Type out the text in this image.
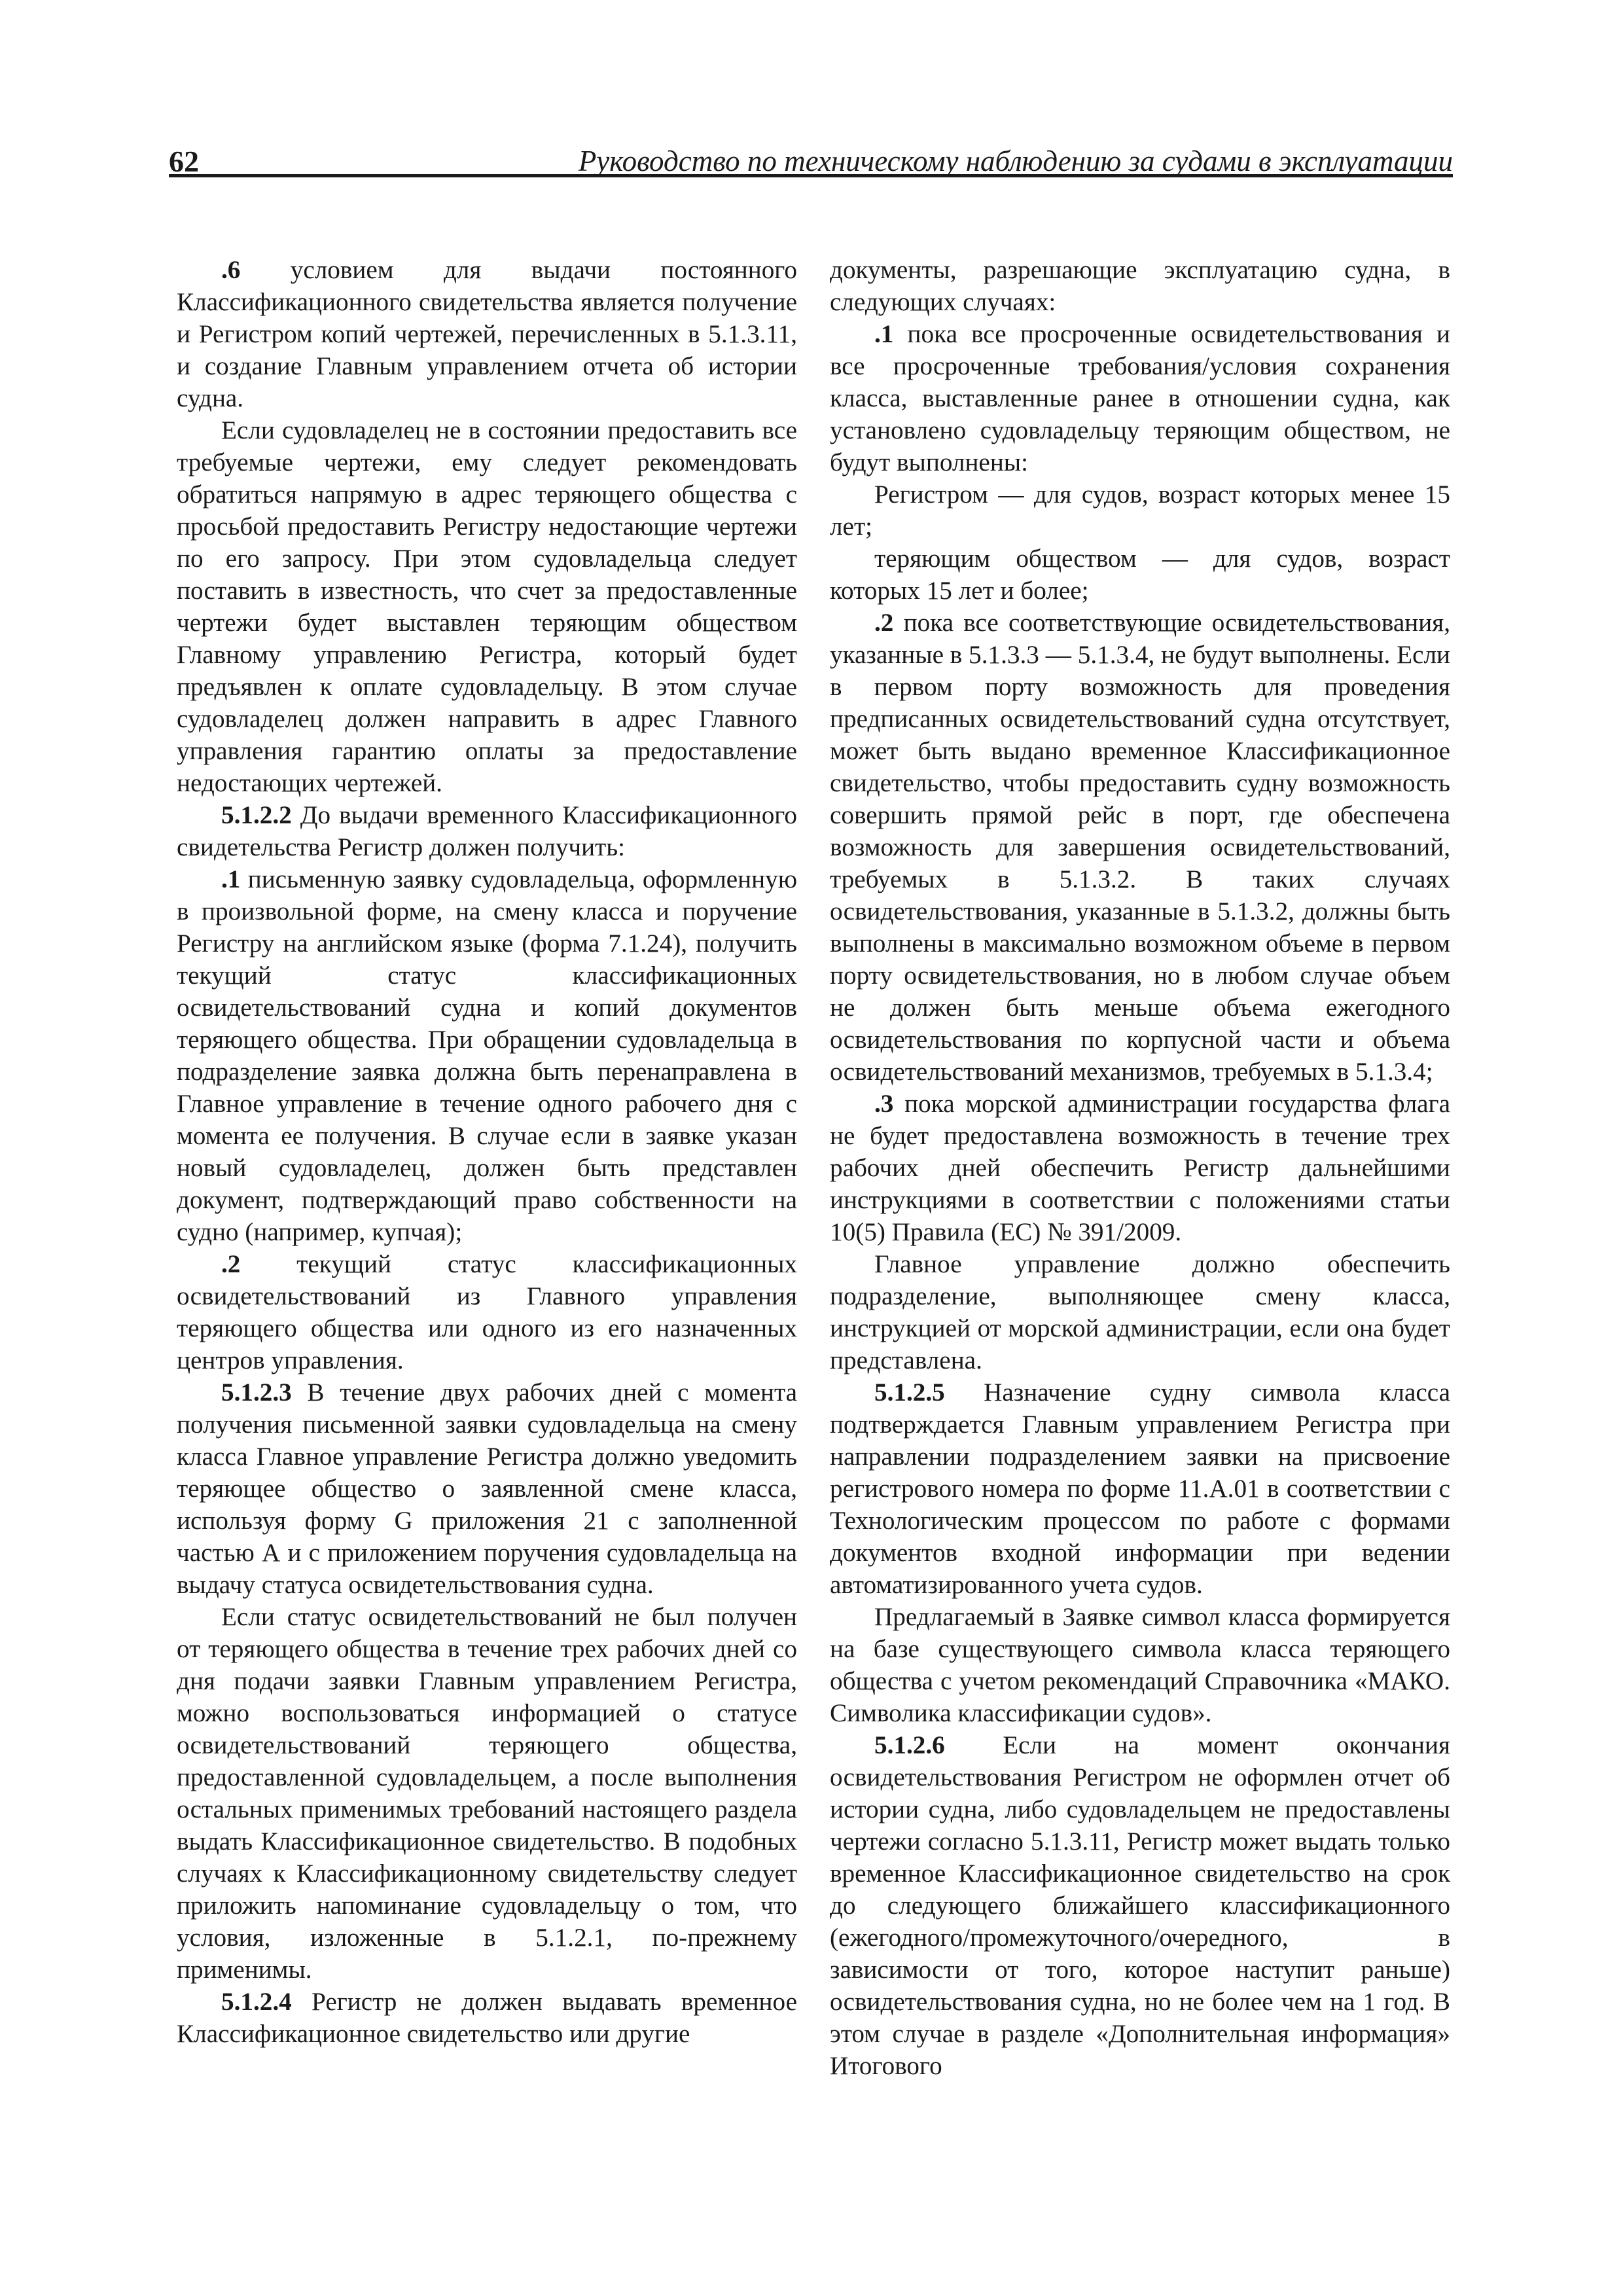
62	Руководство по техническому наблюдению за судами в эксплуатации

.6 условием для выдачи постоянного Классификационного свидетельства является получение и Регистром копий чертежей, перечисленных в 5.1.3.11, и создание Главным управлением отчета об истории судна.

Если судовладелец не в состоянии предоставить все требуемые чертежи, ему следует рекомендовать обратиться напрямую в адрес теряющего общества с просьбой предоставить Регистру недостающие чертежи по его запросу. При этом судовладельца следует поставить в известность, что счет за предоставленные чертежи будет выставлен теряющим обществом Главному управлению Регистра, который будет предъявлен к оплате судовладельцу. В этом случае судовладелец должен направить в адрес Главного управления гарантию оплаты за предоставление недостающих чертежей.

5.1.2.2 До выдачи временного Классификационного свидетельства Регистр должен получить:

.1 письменную заявку судовладельца, оформленную в произвольной форме, на смену класса и поручение Регистру на английском языке (форма 7.1.24), получить текущий статус классификационных освидетельствований судна и копий документов теряющего общества. При обращении судовладельца в подразделение заявка должна быть перенаправлена в Главное управление в течение одного рабочего дня с момента ее получения. В случае если в заявке указан новый судовладелец, должен быть представлен документ, подтверждающий право собственности на судно (например, купчая);

.2 текущий статус классификационных освидетельствований из Главного управления теряющего общества или одного из его назначенных центров управления.

5.1.2.3 В течение двух рабочих дней с момента получения письменной заявки судовладельца на смену класса Главное управление Регистра должно уведомить теряющее общество о заявленной смене класса, используя форму G приложения 21 с заполненной частью А и с приложением поручения судовладельца на выдачу статуса освидетельствования судна.

Если статус освидетельствований не был получен от теряющего общества в течение трех рабочих дней со дня подачи заявки Главным управлением Регистра, можно воспользоваться информацией о статусе освидетельствований теряющего общества, предоставленной судовладельцем, а после выполнения остальных применимых требований настоящего раздела выдать Классификационное свидетельство. В подобных случаях к Классификационному свидетельству следует приложить напоминание судовладельцу о том, что условия, изложенные в 5.1.2.1, по-прежнему применимы.

5.1.2.4 Регистр не должен выдавать временное Классификационное свидетельство или другие

документы, разрешающие эксплуатацию судна, в следующих случаях:

.1 пока все просроченные освидетельствования и все просроченные требования/условия сохранения класса, выставленные ранее в отношении судна, как установлено судовладельцу теряющим обществом, не будут выполнены:

Регистром — для судов, возраст которых менее 15 лет;

теряющим обществом — для судов, возраст которых 15 лет и более;

.2 пока все соответствующие освидетельствования, указанные в 5.1.3.3 — 5.1.3.4, не будут выполнены. Если в первом порту возможность для проведения предписанных освидетельствований судна отсутствует, может быть выдано временное Классификационное свидетельство, чтобы предоставить судну возможность совершить прямой рейс в порт, где обеспечена возможность для завершения освидетельствований, требуемых в 5.1.3.2. В таких случаях освидетельствования, указанные в 5.1.3.2, должны быть выполнены в максимально возможном объеме в первом порту освидетельствования, но в любом случае объем не должен быть меньше объема ежегодного освидетельствования по корпусной части и объема освидетельствований механизмов, требуемых в 5.1.3.4;

.3 пока морской администрации государства флага не будет предоставлена возможность в течение трех рабочих дней обеспечить Регистр дальнейшими инструкциями в соответствии с положениями статьи 10(5) Правила (ЕС) № 391/2009.

Главное управление должно обеспечить подразделение, выполняющее смену класса, инструкцией от морской администрации, если она будет представлена.

5.1.2.5 Назначение судну символа класса подтверждается Главным управлением Регистра при направлении подразделением заявки на присвоение регистрового номера по форме 11.А.01 в соответствии с Технологическим процессом по работе с формами документов входной информации при ведении автоматизированного учета судов.

Предлагаемый в Заявке символ класса формируется на базе существующего символа класса теряющего общества с учетом рекомендаций Справочника «МАКО. Символика классификации судов».

5.1.2.6 Если на момент окончания освидетельствования Регистром не оформлен отчет об истории судна, либо судовладельцем не предоставлены чертежи согласно 5.1.3.11, Регистр может выдать только временное Классификационное свидетельство на срок до следующего ближайшего классификационного (ежегодного/промежуточного/очередного, в зависимости от того, которое наступит раньше) освидетельствования судна, но не более чем на 1 год. В этом случае в разделе «Дополнительная информация» Итогового
